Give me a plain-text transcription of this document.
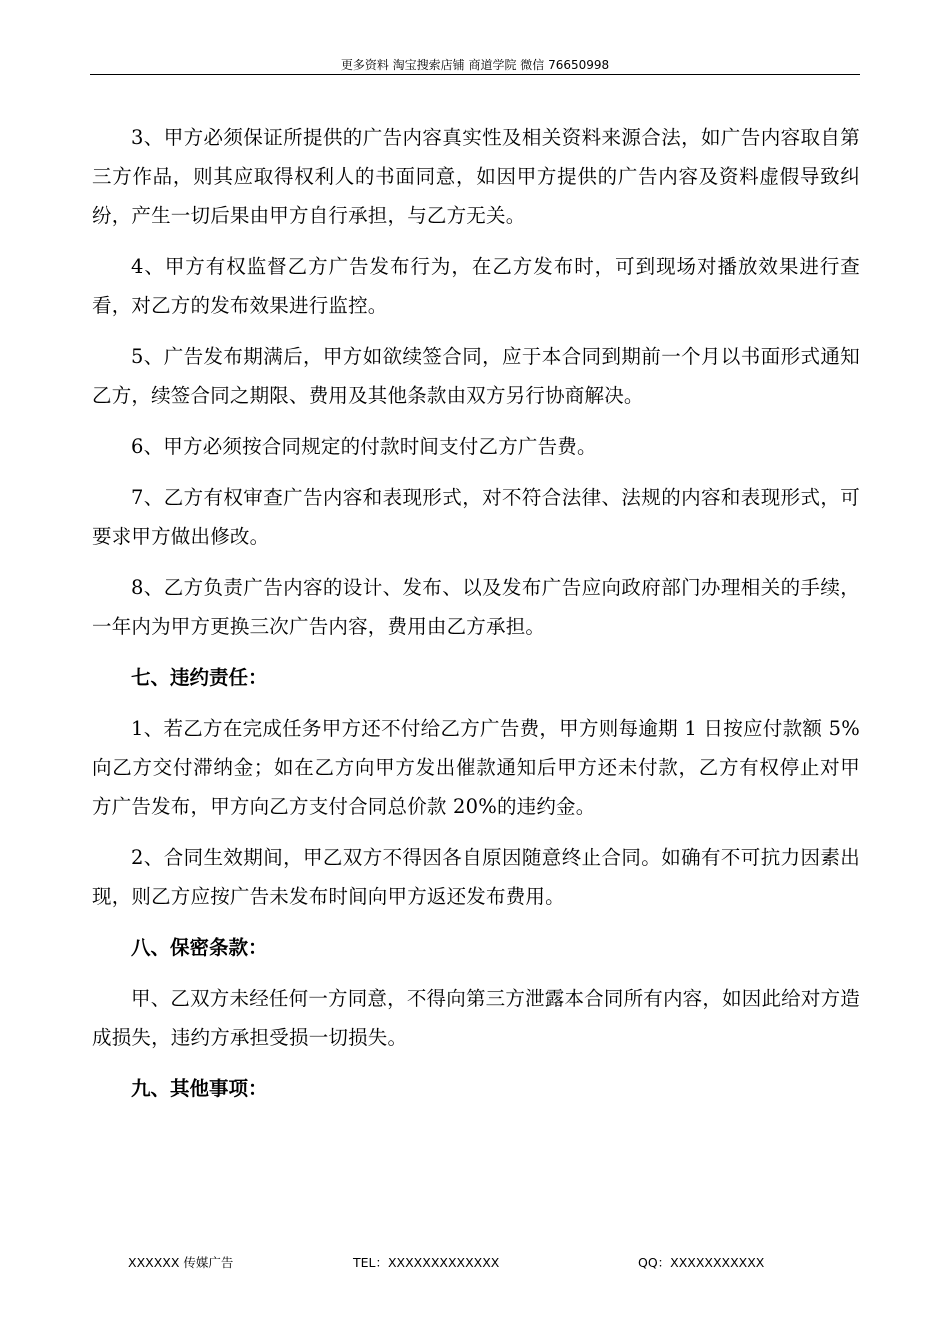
更多资料 淘宝搜索店铺 商道学院 微信 76650998

3、甲方必须保证所提供的广告内容真实性及相关资料来源合法，如广告内容取自第三方作品，则其应取得权利人的书面同意，如因甲方提供的广告内容及资料虚假导致纠纷，产生一切后果由甲方自行承担，与乙方无关。

4、甲方有权监督乙方广告发布行为，在乙方发布时，可到现场对播放效果进行查看，对乙方的发布效果进行监控。

5、广告发布期满后，甲方如欲续签合同，应于本合同到期前一个月以书面形式通知乙方，续签合同之期限、费用及其他条款由双方另行协商解决。

6、甲方必须按合同规定的付款时间支付乙方广告费。

7、乙方有权审查广告内容和表现形式，对不符合法律、法规的内容和表现形式，可要求甲方做出修改。

8、乙方负责广告内容的设计、发布、以及发布广告应向政府部门办理相关的手续，一年内为甲方更换三次广告内容，费用由乙方承担。

七、违约责任：

1、若乙方在完成任务甲方还不付给乙方广告费，甲方则每逾期 1 日按应付款额 5%向乙方交付滞纳金；如在乙方向甲方发出催款通知后甲方还未付款，乙方有权停止对甲方广告发布，甲方向乙方支付合同总价款 20%的违约金。

2、合同生效期间，甲乙双方不得因各自原因随意终止合同。如确有不可抗力因素出现，则乙方应按广告未发布时间向甲方返还发布费用。

八、保密条款：

甲、乙双方未经任何一方同意，不得向第三方泄露本合同所有内容，如因此给对方造成损失，违约方承担受损一切损失。

九、其他事项：

XXXXXX 传媒广告	TEL：XXXXXXXXXXXXX	QQ：XXXXXXXXXXX
